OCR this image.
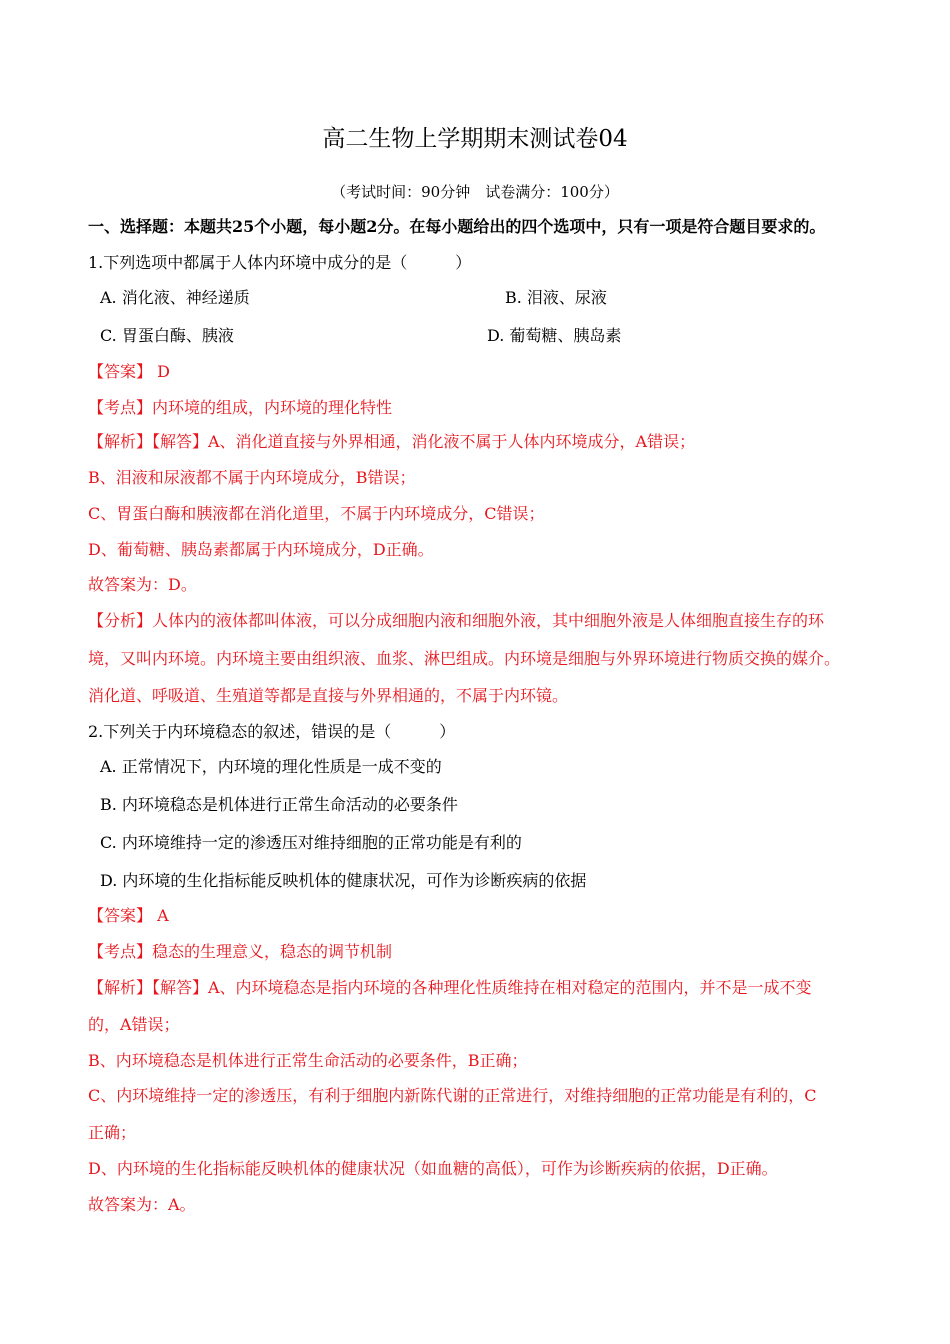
高二生物上学期期末测试卷04
（考试时间：90分钟　试卷满分：100分）
一、选择题：本题共25个小题，每小题2分。在每小题给出的四个选项中，只有一项是符合题目要求的。
1.下列选项中都属于人体内环境中成分的是（　　　）
A. 消化液、神经递质	B. 泪液、尿液
C. 胃蛋白酶、胰液	D. 葡萄糖、胰岛素
【答案】 D
【考点】内环境的组成，内环境的理化特性
【解析】【解答】A、消化道直接与外界相通，消化液不属于人体内环境成分，A错误；
B、泪液和尿液都不属于内环境成分，B错误；
C、胃蛋白酶和胰液都在消化道里，不属于内环境成分，C错误；
D、葡萄糖、胰岛素都属于内环境成分，D正确。
故答案为：D。
【分析】人体内的液体都叫体液，可以分成细胞内液和细胞外液，其中细胞外液是人体细胞直接生存的环
境，又叫内环境。内环境主要由组织液、血浆、淋巴组成。内环境是细胞与外界环境进行物质交换的媒介。
消化道、呼吸道、生殖道等都是直接与外界相通的，不属于内环镜。
2.下列关于内环境稳态的叙述，错误的是（　　　）
A. 正常情况下，内环境的理化性质是一成不变的
B. 内环境稳态是机体进行正常生命活动的必要条件
C. 内环境维持一定的渗透压对维持细胞的正常功能是有利的
D. 内环境的生化指标能反映机体的健康状况，可作为诊断疾病的依据
【答案】 A
【考点】稳态的生理意义，稳态的调节机制
【解析】【解答】A、内环境稳态是指内环境的各种理化性质维持在相对稳定的范围内，并不是一成不变
的，A错误；
B、内环境稳态是机体进行正常生命活动的必要条件，B正确；
C、内环境维持一定的渗透压，有利于细胞内新陈代谢的正常进行，对维持细胞的正常功能是有利的，C
正确；
D、内环境的生化指标能反映机体的健康状况（如血糖的高低），可作为诊断疾病的依据，D正确。
故答案为：A。
